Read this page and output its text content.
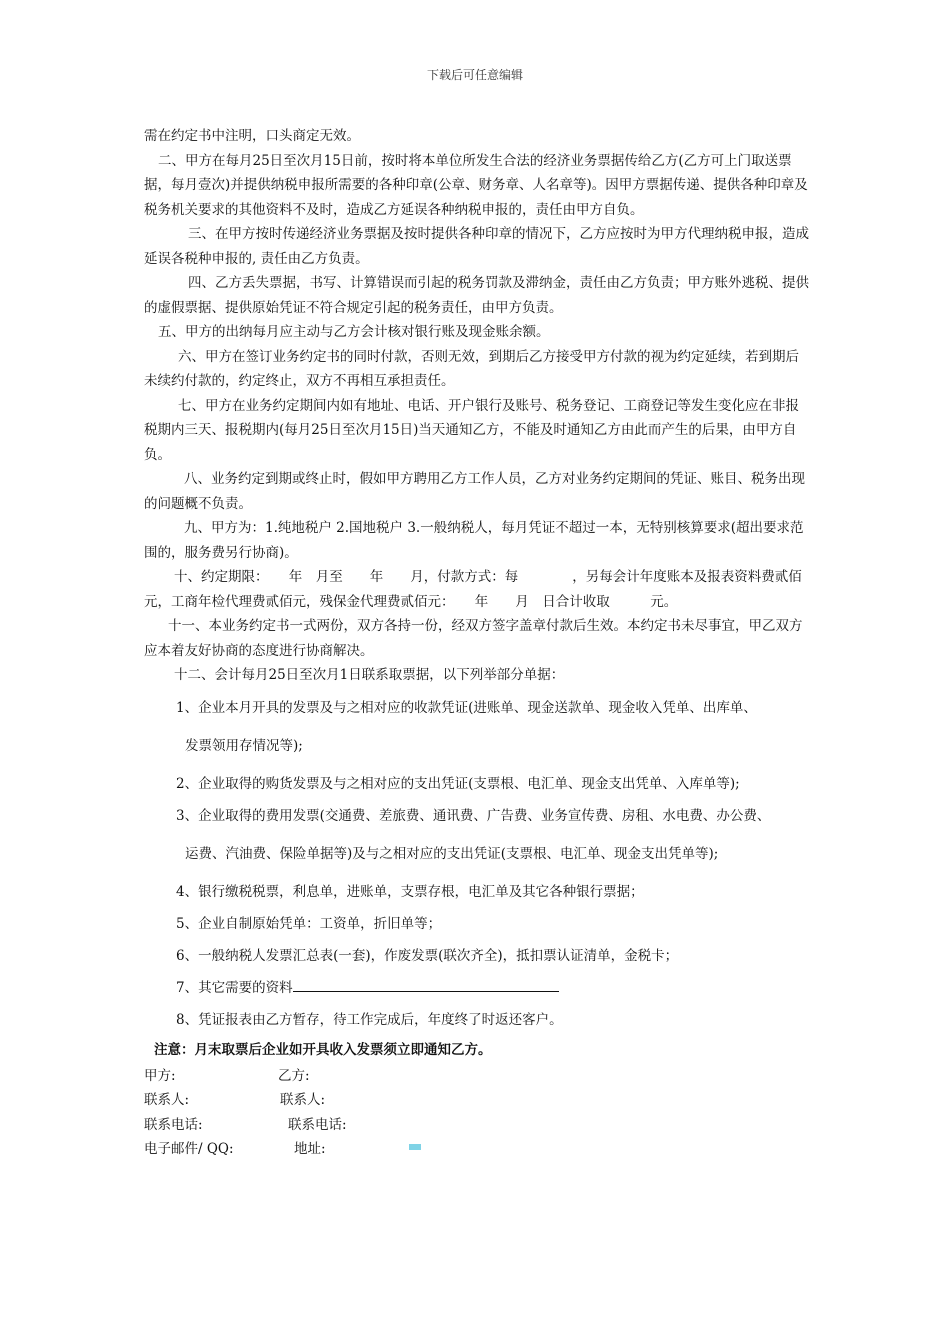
下载后可任意编辑

需在约定书中注明，口头商定无效。

二、甲方在每月25日至次月15日前，按时将本单位所发生合法的经济业务票据传给乙方(乙方可上门取送票据，每月壹次)并提供纳税申报所需要的各种印章(公章、财务章、人名章等)。因甲方票据传递、提供各种印章及税务机关要求的其他资料不及时，造成乙方延误各种纳税申报的，责任由甲方自负。

三、在甲方按时传递经济业务票据及按时提供各种印章的情况下，乙方应按时为甲方代理纳税申报，造成延误各税种申报的, 责任由乙方负责。

四、乙方丢失票据，书写、计算错误而引起的税务罚款及滞纳金，责任由乙方负责；甲方账外逃税、提供的虚假票据、提供原始凭证不符合规定引起的税务责任，由甲方负责。

五、甲方的出纳每月应主动与乙方会计核对银行账及现金账余额。

六、甲方在签订业务约定书的同时付款，否则无效，到期后乙方接受甲方付款的视为约定延续，若到期后未续约付款的，约定终止，双方不再相互承担责任。

七、甲方在业务约定期间内如有地址、电话、开户银行及账号、税务登记、工商登记等发生变化应在非报税期内三天、报税期内(每月25日至次月15日)当天通知乙方，不能及时通知乙方由此而产生的后果，由甲方自负。

八、业务约定到期或终止时，假如甲方聘用乙方工作人员，乙方对业务约定期间的凭证、账目、税务出现的问题概不负责。

九、甲方为：1.纯地税户 2.国地税户 3.一般纳税人，每月凭证不超过一本，无特别核算要求(超出要求范围的，服务费另行协商)。

十、约定期限：　　年　月至　　年　　月，付款方式：每　　　　，另每会计年度账本及报表资料费贰佰元，工商年检代理费贰佰元，残保金代理费贰佰元：　　年　　月　日合计收取　　　元。

十一、本业务约定书一式两份，双方各持一份，经双方签字盖章付款后生效。本约定书未尽事宜，甲乙双方应本着友好协商的态度进行协商解决。

十二、会计每月25日至次月1日联系取票据，以下列举部分单据：

1、企业本月开具的发票及与之相对应的收款凭证(进账单、现金送款单、现金收入凭单、出库单、
发票领用存情况等);
2、企业取得的购货发票及与之相对应的支出凭证(支票根、电汇单、现金支出凭单、入库单等);
3、企业取得的费用发票(交通费、差旅费、通讯费、广告费、业务宣传费、房租、水电费、办公费、
运费、汽油费、保险单据等)及与之相对应的支出凭证(支票根、电汇单、现金支出凭单等);
4、银行缴税税票，利息单，进账单，支票存根，电汇单及其它各种银行票据；
5、企业自制原始凭单：工资单，折旧单等；
6、一般纳税人发票汇总表(一套)，作废发票(联次齐全)，抵扣票认证清单，金税卡；
7、其它需要的资料
8、凭证报表由乙方暂存，待工作完成后，年度终了时返还客户。

注意：月末取票后企业如开具收入发票须立即通知乙方。

甲方:	乙方:
联系人:	联系人:
联系电话:	联系电话:
电子邮件/ QQ:	地址:
